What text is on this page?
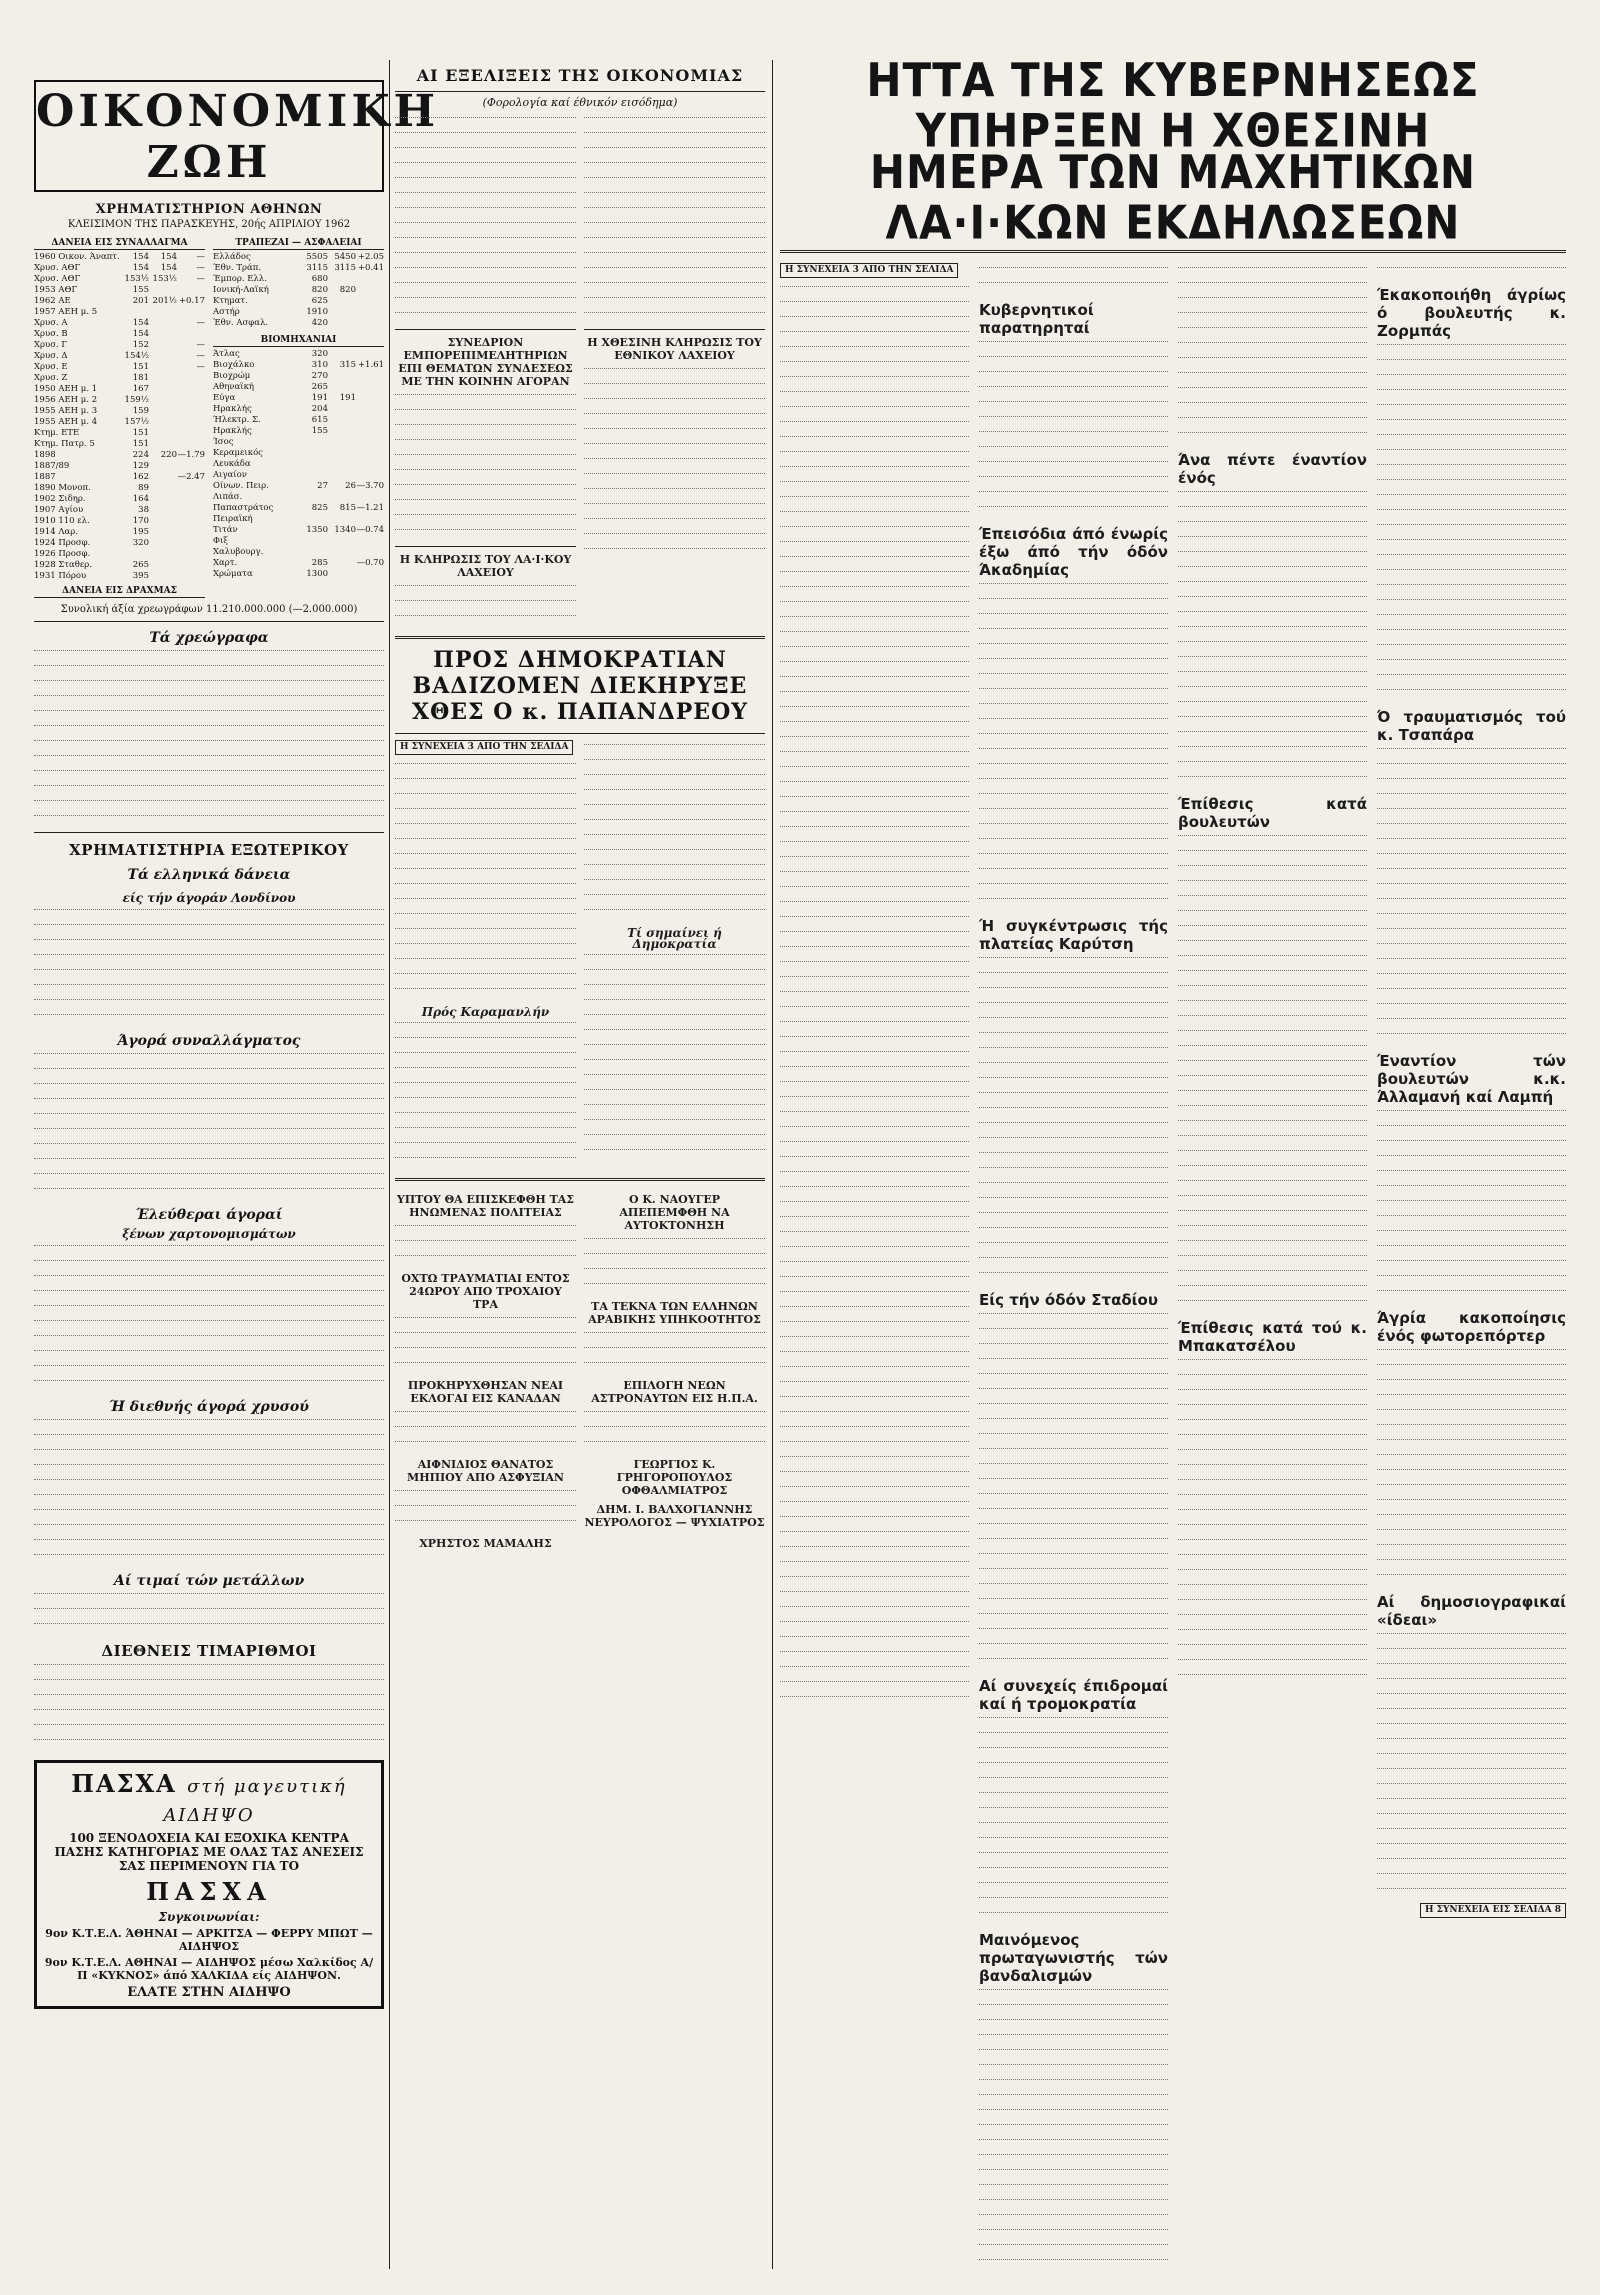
ΟΙΚΟΝΟΜΙΚΗ ΖΩΗ
ΧΡΗΜΑΤΙΣΤΗΡΙΟΝ ΑΘΗΝΩΝ
ΚΛΕΙΣΙΜΟΝ ΤΗΣ ΠΑΡΑΣΚΕΥΗΣ, 20ής ΑΠΡΙΛΙΟΥ 1962
ΔΑΝΕΙΑ ΕΙΣ ΣΥΝΑΛΛΑΓΜΑ
1960 Οικον. Άναπτ.	154	154	—
Χρυσ. ΑΘΓ	154	154	—
Χρυσ. ΑΘΓ	153½ 153½	—
1953 ΑΘΓ	155
1962 ΑΕ	201 201½ +0.17
1957 ΑΕΗ μ. 5
Χρυσ. Α	154	—
Χρυσ. Β	154
Χρυσ. Γ	152	—
Χρυσ. Δ	154½	—
Χρυσ. Ε	151	—
Χρυσ. Ζ	181
1950 ΑΕΗ μ. 1	167
1956 ΑΕΗ μ. 2	159½
1955 ΑΕΗ μ. 3	159
1955 ΑΕΗ μ. 4	157½
Κτημ. ΕΤΕ	151
Κτημ. Πατρ. 5	151
1898	224	220 —1.79
1887/89	129
1887	162	—2.47
1890 Μονοπ.	89
1902 Σιδηρ.	164
1907 Αγίου	38
1910 110 ελ.	170
1914 Λαρ.	195
1924 Προσφ.	320
1926 Προσφ.
1928 Σταθερ.	265
1931 Πόρου	395
ΔΑΝΕΙΑ ΕΙΣ ΔΡΑΧΜΑΣ
ΤΡΑΠΕΖΑΙ — ΑΣΦΑΛΕΙΑΙ
Ελλάδος	5505 5450 +2.05
Έθν. Τράπ.	3115 3115 +0.41
Έμπορ. Ελλ.	680
Ιονική-Λαϊκή	820	820
Κτηματ.	625
Αστήρ	1910
Έθν. Ασφαλ.	420
ΒΙΟΜΗΧΑΝΙΑΙ
Άτλας	320
Βιοχάλκο	310	315 +1.61
Βιοχρώμ	270
Αθηναϊκή	265
Εύγα	191	191
Ηρακλής	204
Ήλεκτρ. Σ.	615
Ηρακλής	155
Ίσος
Κεραμεικός
Λευκάδα
Αιγαίον
Οίνων. Πειρ.	27	26 —3.70
Λιπάσ.
Παπαστράτος	825	815 —1.21
Πειραϊκή
Τιτάν	1350 1340 —0.74
Φιξ
Χαλυβουργ.
Χαρτ.	285	—0.70
Χρώματα	1300
Συνολική άξία χρεωγράφων 11.210.000.000 (—2.000.000)
Τά χρεώγραφα
ΧΡΗΜΑΤΙΣΤΗΡΙΑ ΕΞΩΤΕΡΙΚΟΥ
Τά ελληνικά δάνεια
είς τήν άγοράν Λονδίνου
Άγορά συναλλάγματος
Έλεύθεραι άγοραί
ξένων χαρτονομισμάτων
Ή διεθνής άγορά χρυσού
Αί τιμαί τών μετάλλων
ΔΙΕΘΝΕΙΣ ΤΙΜΑΡΙΘΜΟΙ
ΠΑΣΧΑ στή μαγευτική ΑΙΔΗΨΟ
100 ΞΕΝΟΔΟΧΕΙΑ ΚΑΙ ΕΞΟΧΙΚΑ ΚΕΝΤΡΑ ΠΑΣΗΣ ΚΑΤΗΓΟΡΙΑΣ ΜΕ ΟΛΑΣ ΤΑΣ ΑΝΕΣΕΙΣ ΣΑΣ ΠΕΡΙΜΕΝΟΥΝ ΓΙΑ ΤΟ
ΠΑΣΧΑ
Συγκοινωνίαι:
9ον Κ.Τ.Ε.Λ. ΆΘΗΝΑΙ — ΑΡΚΙΤΣΑ — ΦΕΡΡΥ ΜΠΩΤ — ΑΙΔΗΨΟΣ
9ον Κ.Τ.Ε.Λ. ΑΘΗΝΑΙ — ΑΙΔΗΨΟΣ μέσω Χαλκίδος Α/Π «ΚΥΚΝΟΣ» άπό ΧΑΛΚΙΔΑ είς ΑΙΔΗΨΟΝ.
ΕΛΑΤΕ ΣΤΗΝ ΑΙΔΗΨΟ
ΑΙ ΕΞΕΛΙΞΕΙΣ ΤΗΣ ΟΙΚΟΝΟΜΙΑΣ
(Φορολογία καί έθνικόν εισόδημα)
ΣΥΝΕΔΡΙΟΝ ΕΜΠΟΡΕΠΙΜΕΛΗΤΗΡΙΩΝ ΕΠΙ ΘΕΜΑΤΩΝ ΣΥΝΔΕΣΕΩΣ ΜΕ ΤΗΝ ΚΟΙΝΗΝ ΑΓΟΡΑΝ
Η ΚΛΗΡΩΣΙΣ ΤΟΥ ΛΑ·Ι·ΚΟΥ ΛΑΧΕΙΟΥ
Η ΧΘΕΣΙΝΗ ΚΛΗΡΩΣΙΣ ΤΟΥ ΕΘΝΙΚΟΥ ΛΑΧΕΙΟΥ
ΠΡΟΣ ΔΗΜΟΚΡΑΤΙΑΝ ΒΑΔΙΖΟΜΕΝ ΔΙΕΚΗΡΥΞΕ ΧΘΕΣ Ο κ. ΠΑΠΑΝΔΡΕΟΥ
Η ΣΥΝΕΧΕΙΑ 3 ΑΠΟ ΤΗΝ ΣΕΛΙΔΑ
Πρός Καραμανλήν
Τί σημαίνει ή Δημοκρατία
ΥΠΤΟΥ ΘΑ ΕΠΙΣΚΕΦΘΗ ΤΑΣ ΗΝΩΜΕΝΑΣ ΠΟΛΙΤΕΙΑΣ
ΟΧΤΩ ΤΡΑΥΜΑΤΙΑΙ ΕΝΤΟΣ 24ΩΡΟΥ ΑΠΟ ΤΡΟΧΑΙΟΥ ΤΡΑ
ΠΡΟΚΗΡΥΧΘΗΣΑΝ ΝΕΑΙ ΕΚΛΟΓΑΙ ΕΙΣ ΚΑΝΑΔΑΝ
ΑΙΦΝΙΔΙΟΣ ΘΑΝΑΤΟΣ ΜΗΠΙΟΥ ΑΠΟ ΑΣΦΥΞΙΑΝ
ΧΡΗΣΤΟΣ ΜΑΜΑΛΗΣ
Ο Κ. ΝΑΟΥΓΕΡ ΑΠΕΠΕΜΦΘΗ ΝΑ ΑΥΤΟΚΤΟΝΗΣΗ
ΤΑ ΤΕΚΝΑ ΤΩΝ ΕΛΛΗΝΩΝ ΑΡΑΒΙΚΗΣ ΥΠΗΚΟΟΤΗΤΟΣ
ΕΠΙΛΟΓΗ ΝΕΩΝ ΑΣΤΡΟΝΑΥΤΩΝ ΕΙΣ Η.Π.Α.
ΓΕΩΡΓΙΟΣ Κ. ΓΡΗΓΟΡΟΠΟΥΛΟΣ ΟΦΘΑΛΜΙΑΤΡΟΣ
ΔΗΜ. Ι. ΒΑΛΧΟΓΙΑΝΝΗΣ ΝΕΥΡΟΛΟΓΟΣ — ΨΥΧΙΑΤΡΟΣ
ΗΤΤΑ ΤΗΣ ΚΥΒΕΡΝΗΣΕΩΣ ΥΠΗΡΞΕΝ Η ΧΘΕΣΙΝΗ
ΗΜΕΡΑ ΤΩΝ ΜΑΧΗΤΙΚΩΝ ΛΑ·Ι·ΚΩΝ ΕΚΔΗΛΩΣΕΩΝ
Η ΣΥΝΕΧΕΙΑ 3 ΑΠΟ ΤΗΝ ΣΕΛΙΔΑ
Κυβερνητικοί παρατηρηταί
Έπεισόδια άπό ένωρίς έξω άπό τήν όδόν Άκαδημίας
Ή συγκέντρωσις τής πλατείας Καρύτση
Είς τήν όδόν Σταδίου
Αί συνεχείς έπιδρομαί καί ή τρομοκρατία
Μαινόμενος πρωταγωνιστής τών βανδαλισμών
Άνα πέντε έναντίον ένός
Έπίθεσις κατά βουλευτών
Έπίθεσις κατά τού κ. Μπακατσέλου
Έκακοποιήθη άγρίως ό βουλευτής κ. Ζορμπάς
Ό τραυματισμός τού κ. Τσαπάρα
Έναντίον τών βουλευτών κ.κ. Άλλαμανή καί Λαμπή
Άγρία κακοποίησις ένός φωτορεπόρτερ
Αί δημοσιογραφικαί «ίδεαι»
Η ΣΥΝΕΧΕΙΑ ΕΙΣ ΣΕΛΙΔΑ 8
